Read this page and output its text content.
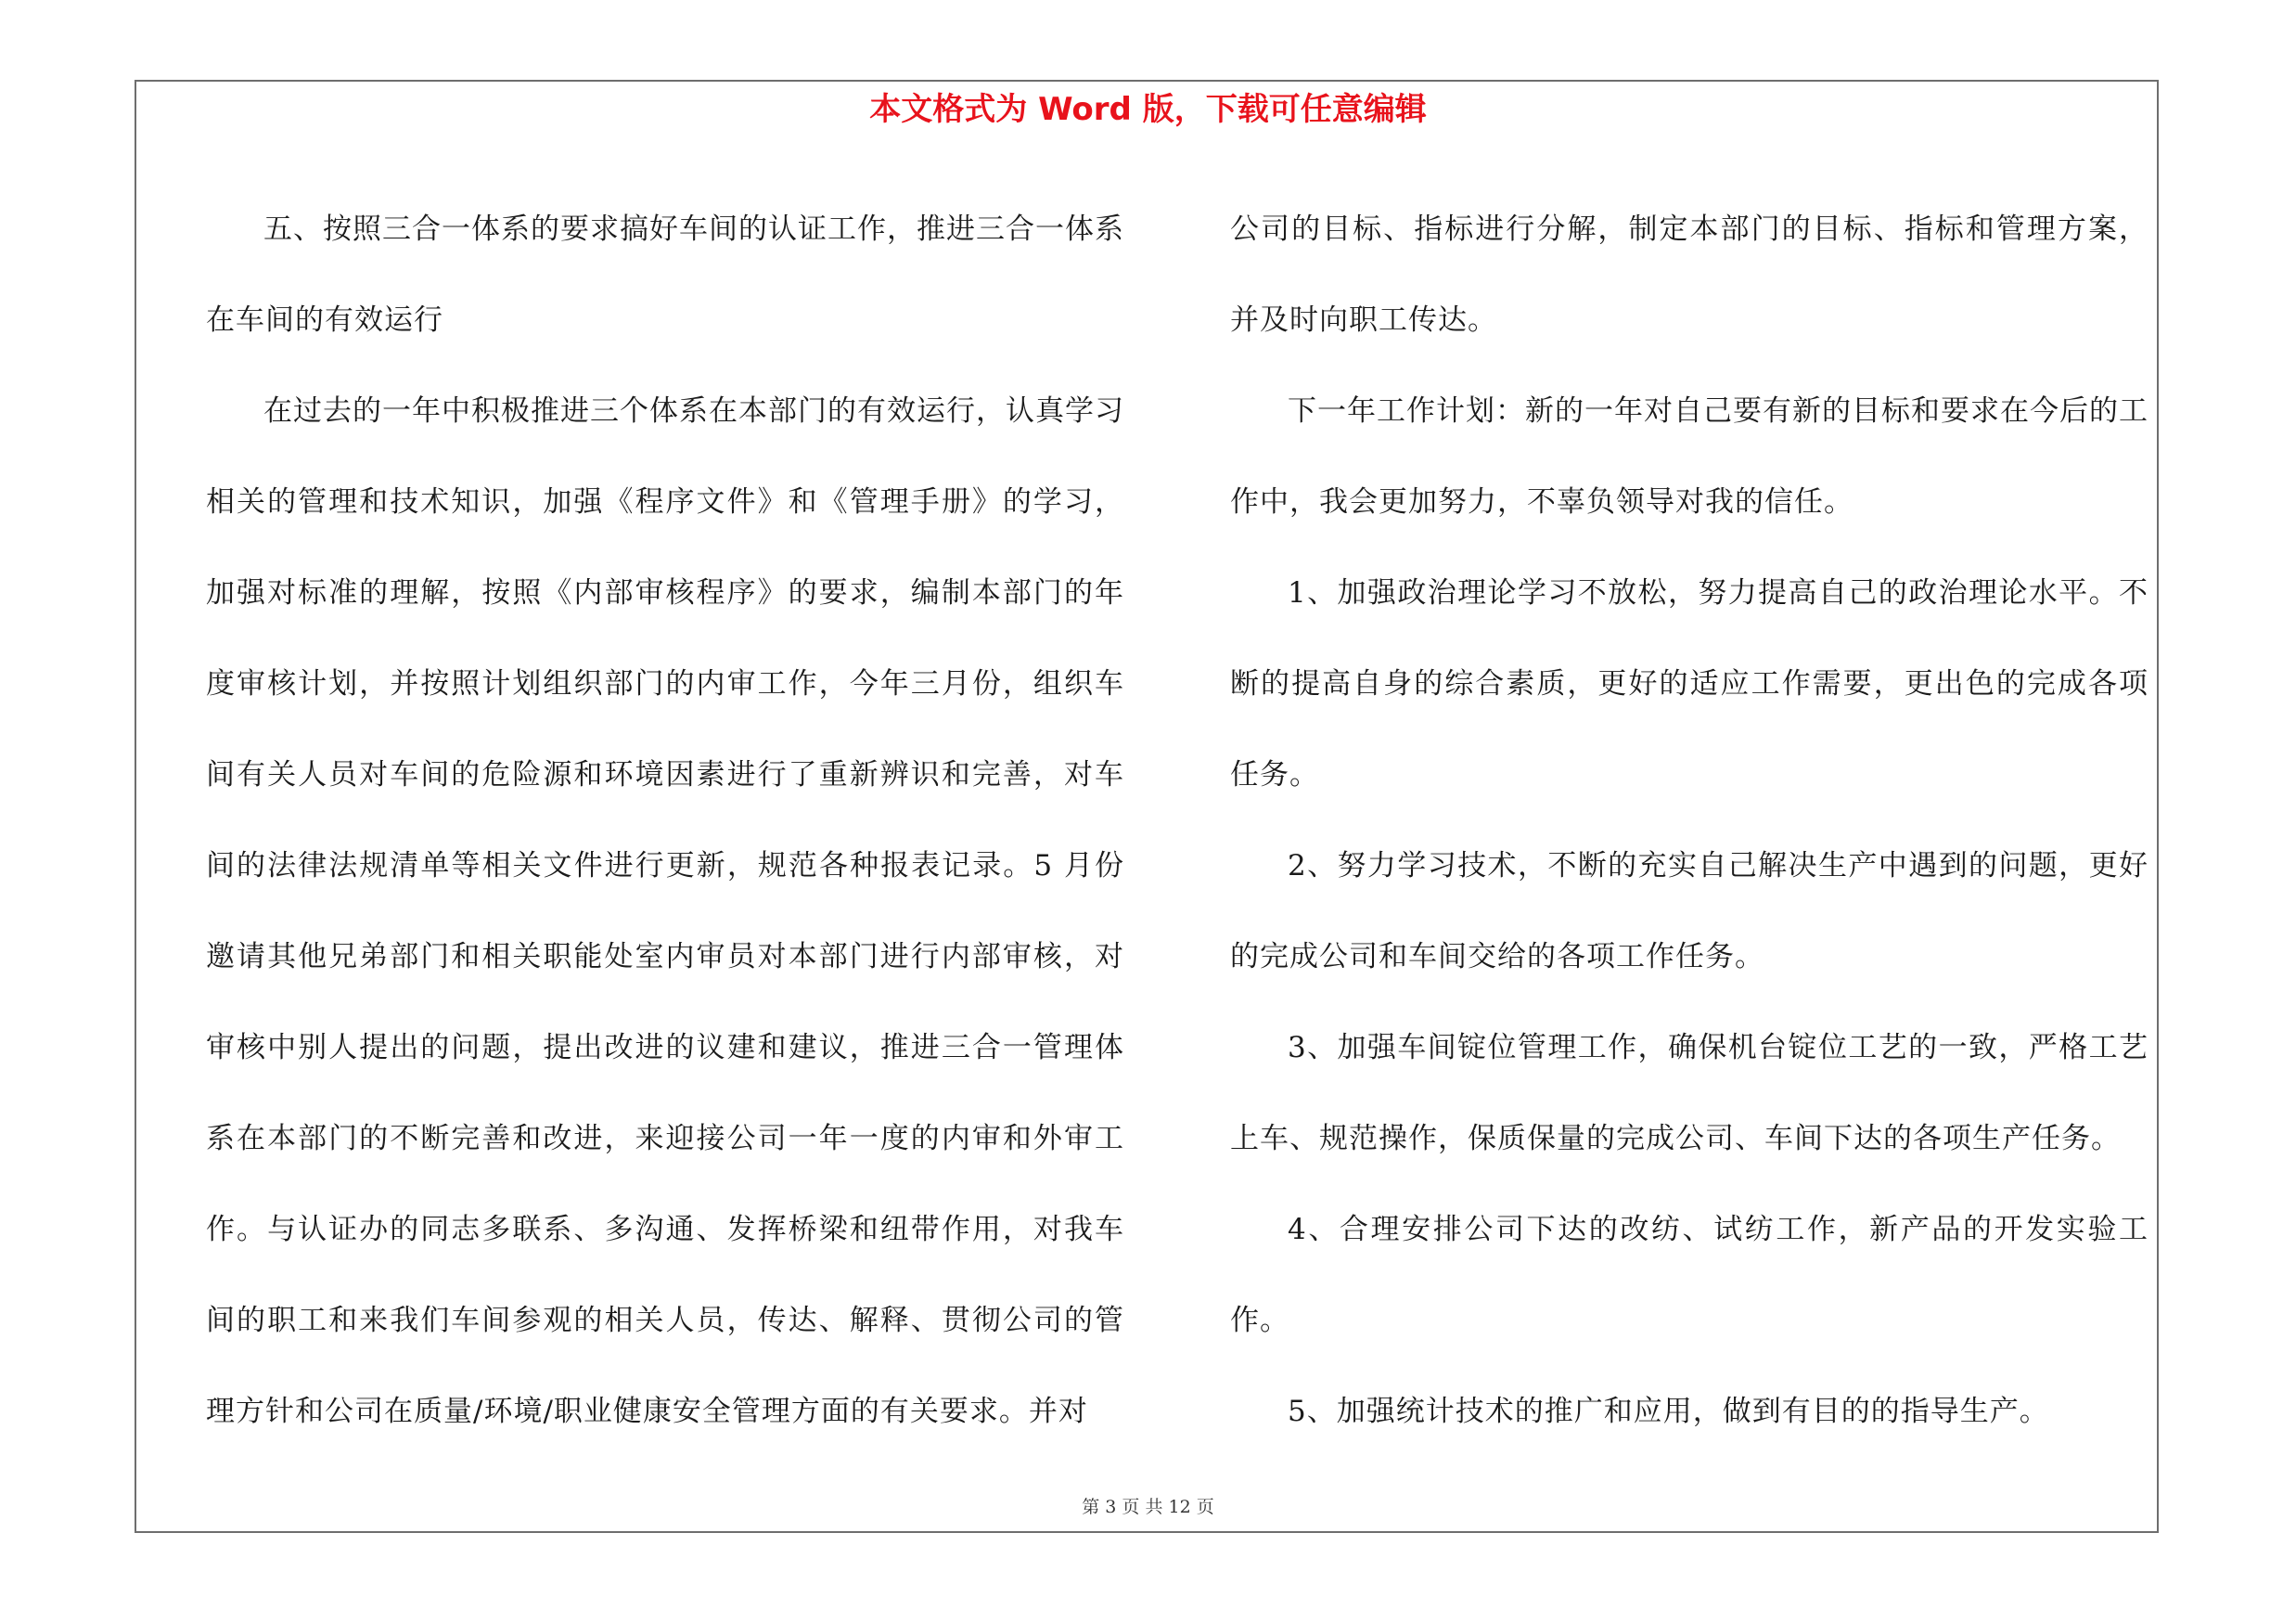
本文格式为 Word 版，下载可任意编辑

五、按照三合一体系的要求搞好车间的认证工作，推进三合一体系在车间的有效运行

在过去的一年中积极推进三个体系在本部门的有效运行，认真学习相关的管理和技术知识，加强《程序文件》和《管理手册》的学习，加强对标准的理解，按照《内部审核程序》的要求，编制本部门的年度审核计划，并按照计划组织部门的内审工作，今年三月份，组织车间有关人员对车间的危险源和环境因素进行了重新辨识和完善，对车间的法律法规清单等相关文件进行更新，规范各种报表记录。5 月份邀请其他兄弟部门和相关职能处室内审员对本部门进行内部审核，对审核中别人提出的问题，提出改进的议建和建议，推进三合一管理体系在本部门的不断完善和改进，来迎接公司一年一度的内审和外审工作。与认证办的同志多联系、多沟通、发挥桥梁和纽带作用，对我车间的职工和来我们车间参观的相关人员，传达、解释、贯彻公司的管理方针和公司在质量/环境/职业健康安全管理方面的有关要求。并对

公司的目标、指标进行分解，制定本部门的目标、指标和管理方案，并及时向职工传达。

下一年工作计划：新的一年对自己要有新的目标和要求在今后的工作中，我会更加努力，不辜负领导对我的信任。

1、加强政治理论学习不放松，努力提高自己的政治理论水平。不断的提高自身的综合素质，更好的适应工作需要，更出色的完成各项任务。

2、努力学习技术，不断的充实自己解决生产中遇到的问题，更好的完成公司和车间交给的各项工作任务。

3、加强车间锭位管理工作，确保机台锭位工艺的一致，严格工艺上车、规范操作，保质保量的完成公司、车间下达的各项生产任务。

4、合理安排公司下达的改纺、试纺工作，新产品的开发实验工作。

5、加强统计技术的推广和应用，做到有目的的指导生产。

第 3 页 共 12 页
